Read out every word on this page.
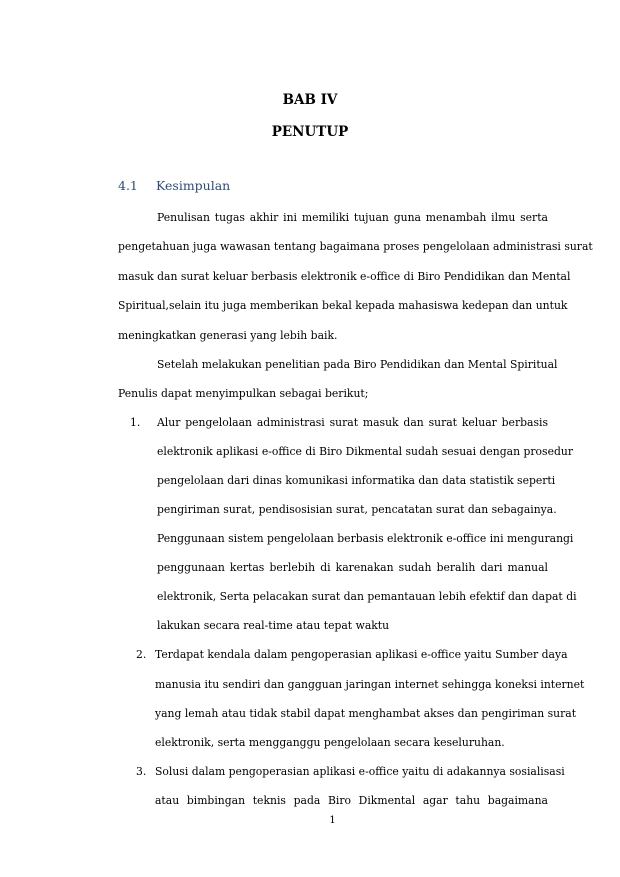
BAB IV
PENUTUP
4.1 Kesimpulan
Penulisan tugas akhir ini memiliki tujuan guna menambah ilmu serta
pengetahuan juga wawasan tentang bagaimana proses pengelolaan administrasi surat
masuk dan surat keluar berbasis elektronik e-office di Biro Pendidikan dan Mental
Spiritual,selain itu juga memberikan bekal kepada mahasiswa kedepan dan untuk
meningkatkan generasi yang lebih baik.
Setelah melakukan penelitian pada Biro Pendidikan dan Mental Spiritual
Penulis dapat menyimpulkan sebagai berikut;
1. Alur pengelolaan administrasi surat masuk dan surat keluar berbasis
elektronik aplikasi e-office di Biro Dikmental sudah sesuai dengan prosedur
pengelolaan dari dinas komunikasi informatika dan data statistik seperti
pengiriman surat, pendisosisian surat, pencatatan surat dan sebagainya.
Penggunaan sistem pengelolaan berbasis elektronik e-office ini mengurangi
penggunaan kertas berlebih di karenakan sudah beralih dari manual
elektronik, Serta pelacakan surat dan pemantauan lebih efektif dan dapat di
lakukan secara real-time atau tepat waktu
2. Terdapat kendala dalam pengoperasian aplikasi e-office yaitu Sumber daya
manusia itu sendiri dan gangguan jaringan internet sehingga koneksi internet
yang lemah atau tidak stabil dapat menghambat akses dan pengiriman surat
elektronik, serta mengganggu pengelolaan secara keseluruhan.
3. Solusi dalam pengoperasian aplikasi e-office yaitu di adakannya sosialisasi
atau bimbingan teknis pada Biro Dikmental agar tahu bagaimana
1
